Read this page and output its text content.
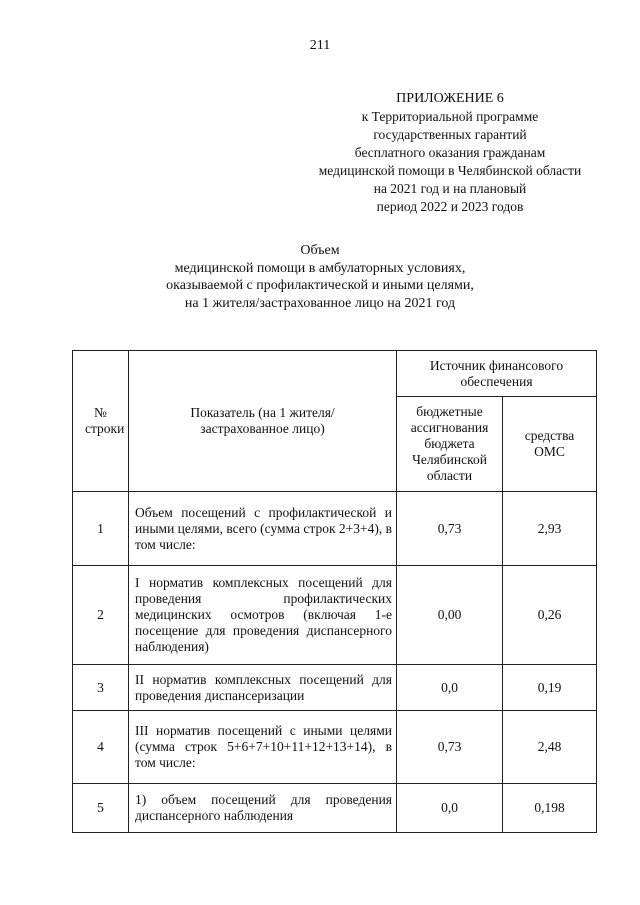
211
ПРИЛОЖЕНИЕ 6
к Территориальной программе
государственных гарантий
бесплатного оказания гражданам
медицинской помощи в Челябинской области
на 2021 год и на плановый
период 2022 и 2023 годов
Объем
медицинской помощи в амбулаторных условиях,
оказываемой с профилактической и иными целями,
на 1 жителя/застрахованное лицо на 2021 год
№ строки	Показатель (на 1 жителя/застрахованное лицо)	Источник финансового обеспечения	

		бюджетные ассигнования бюджета Челябинской области	средства ОМС

1	Объем посещений с профилактической и иными целями, всего (сумма строк 2+3+4), в том числе:	0,73	2,93
2	I норматив комплексных посещений для проведения профилактических медицинских осмотров (включая 1-е посещение для проведения диспансерного наблюдения)	0,00	0,26
3	II норматив комплексных посещений для проведения диспансеризации	0,0	0,19
4	III норматив посещений с иными целями (сумма строк 5+6+7+10+11+12+13+14), в том числе:	0,73	2,48
5	1) объем посещений для проведения диспансерного наблюдения	0,0	0,198
